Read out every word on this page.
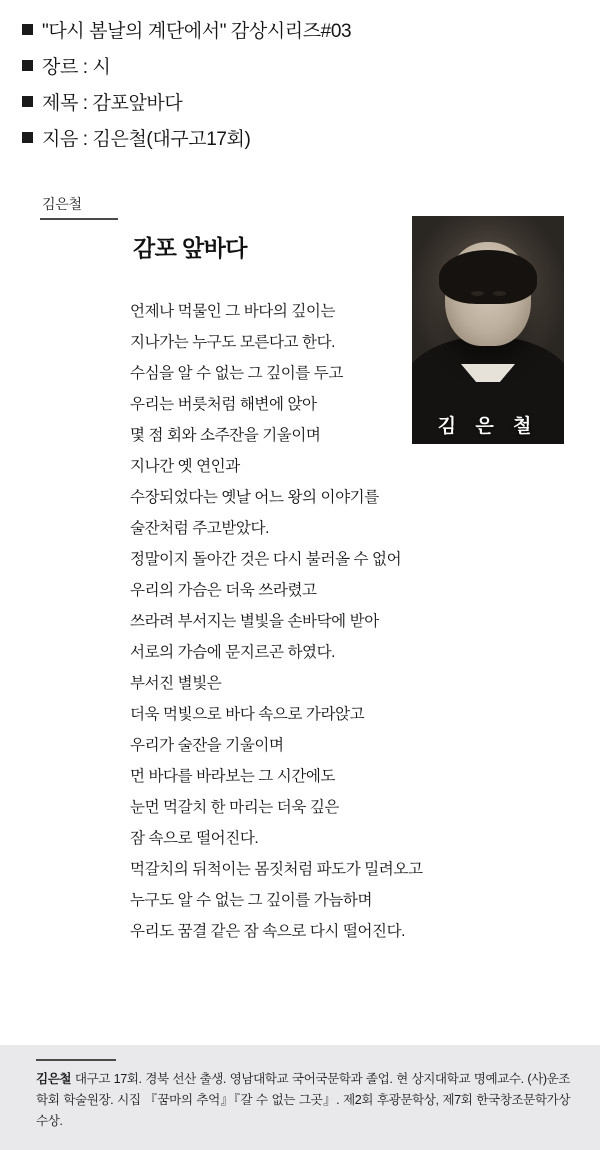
"다시 봄날의 계단에서" 감상시리즈#03
장르 : 시
제목 : 감포앞바다
지음 : 김은철(대구고17회)
김은철
감포 앞바다
김 은 철
언제나 먹물인 그 바다의 깊이는
지나가는 누구도 모른다고 한다.
수심을 알 수 없는 그 깊이를 두고
우리는 버릇처럼 해변에 앉아
몇 점 회와 소주잔을 기울이며
지나간 옛 연인과
수장되었다는 옛날 어느 왕의 이야기를
술잔처럼 주고받았다.
정말이지 돌아간 것은 다시 불러올 수 없어
우리의 가슴은 더욱 쓰라렸고
쓰라려 부서지는 별빛을 손바닥에 받아
서로의 가슴에 문지르곤 하였다.
부서진 별빛은
더욱 먹빛으로 바다 속으로 가라앉고
우리가 술잔을 기울이며
먼 바다를 바라보는 그 시간에도
눈먼 먹갈치 한 마리는 더욱 깊은
잠 속으로 떨어진다.
먹갈치의 뒤척이는 몸짓처럼 파도가 밀려오고
누구도 알 수 없는 그 깊이를 가늠하며
우리도 꿈결 같은 잠 속으로 다시 떨어진다.
김은철 대구고 17회. 경북 선산 출생. 영남대학교 국어국문학과 졸업. 현 상지대학교 명예교수. (사)운조학회 학술원장. 시집 『꿈마의 추억』『갈 수 없는 그곳』. 제2회 후광문학상, 제7회 한국창조문학가상 수상.
